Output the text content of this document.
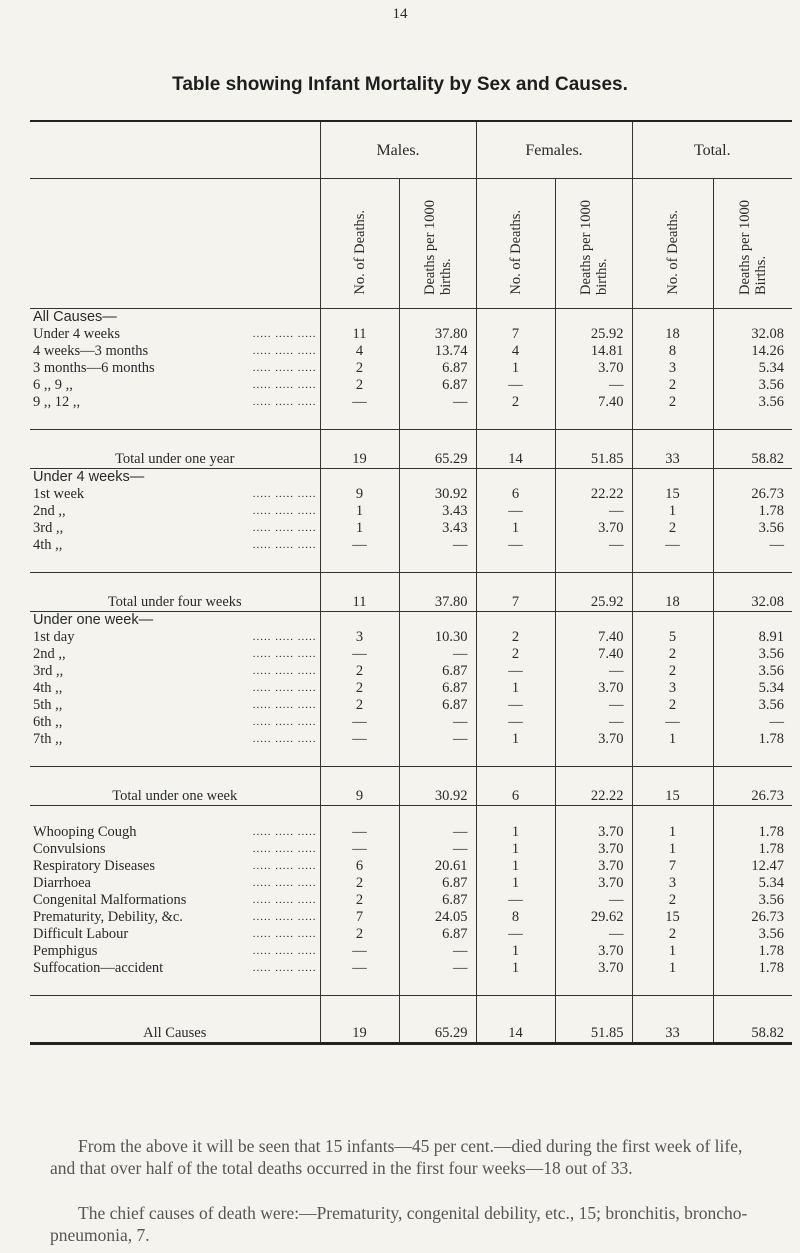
14
Table showing Infant Mortality by Sex and Causes.
	Males.		Females.		Total.	
	No. of Deaths.	Deaths per 1000 births.	No. of Deaths.	Deaths per 1000 births.	No. of Deaths.	Deaths per 1000 Births.
All Causes—						

Under 4 weeks ..... ..... .....	11	37.80	7	25.92	18	32.08

4 weeks—3 months ..... ..... .....	4	13.74	4	14.81	8	14.26

3 months—6 months ..... ..... .....	2	6.87	1	3.70	3	5.34

6 ,, 9 ,, ..... ..... .....	2	6.87	—	—	2	3.56

9 ,, 12 ,, ..... ..... .....	—	—	2	7.40	2	3.56

Total under one year	19	65.29	14	51.85	33	58.82
Under 4 weeks—						

1st week ..... ..... .....	9	30.92	6	22.22	15	26.73

2nd ,, ..... ..... .....	1	3.43	—	—	1	1.78

3rd ,, ..... ..... .....	1	3.43	1	3.70	2	3.56

4th ,, ..... ..... .....	—	—	—	—	—	—

Total under four weeks	11	37.80	7	25.92	18	32.08
Under one week—						

1st day ..... ..... .....	3	10.30	2	7.40	5	8.91

2nd ,, ..... ..... .....	—	—	2	7.40	2	3.56

3rd ,, ..... ..... .....	2	6.87	—	—	2	3.56

4th ,, ..... ..... .....	2	6.87	1	3.70	3	5.34

5th ,, ..... ..... .....	2	6.87	—	—	2	3.56

6th ,, ..... ..... .....	—	—	—	—	—	—

7th ,, ..... ..... .....	—	—	1	3.70	1	1.78

Total under one week	9	30.92	6	22.22	15	26.73

Whooping Cough ..... ..... .....	—	—	1	3.70	1	1.78

Convulsions ..... ..... .....	—	—	1	3.70	1	1.78

Respiratory Diseases ..... ..... .....	6	20.61	1	3.70	7	12.47

Diarrhoea ..... ..... .....	2	6.87	1	3.70	3	5.34

Congenital Malformations ..... ..... .....	2	6.87	—	—	2	3.56

Prematurity, Debility, &c. ..... ..... .....	7	24.05	8	29.62	15	26.73

Difficult Labour ..... ..... .....	2	6.87	—	—	2	3.56

Pemphigus ..... ..... .....	—	—	1	3.70	1	1.78

Suffocation—accident ..... ..... .....	—	—	1	3.70	1	1.78

All Causes	19	65.29	14	51.85	33	58.82
From the above it will be seen that 15 infants—45 per cent.—died during the first week of life, and that over half of the total deaths occurred in the first four weeks—18 out of 33.
The chief causes of death were:—Prematurity, congenital debility, etc., 15; bronchitis, broncho-pneumonia, 7.
